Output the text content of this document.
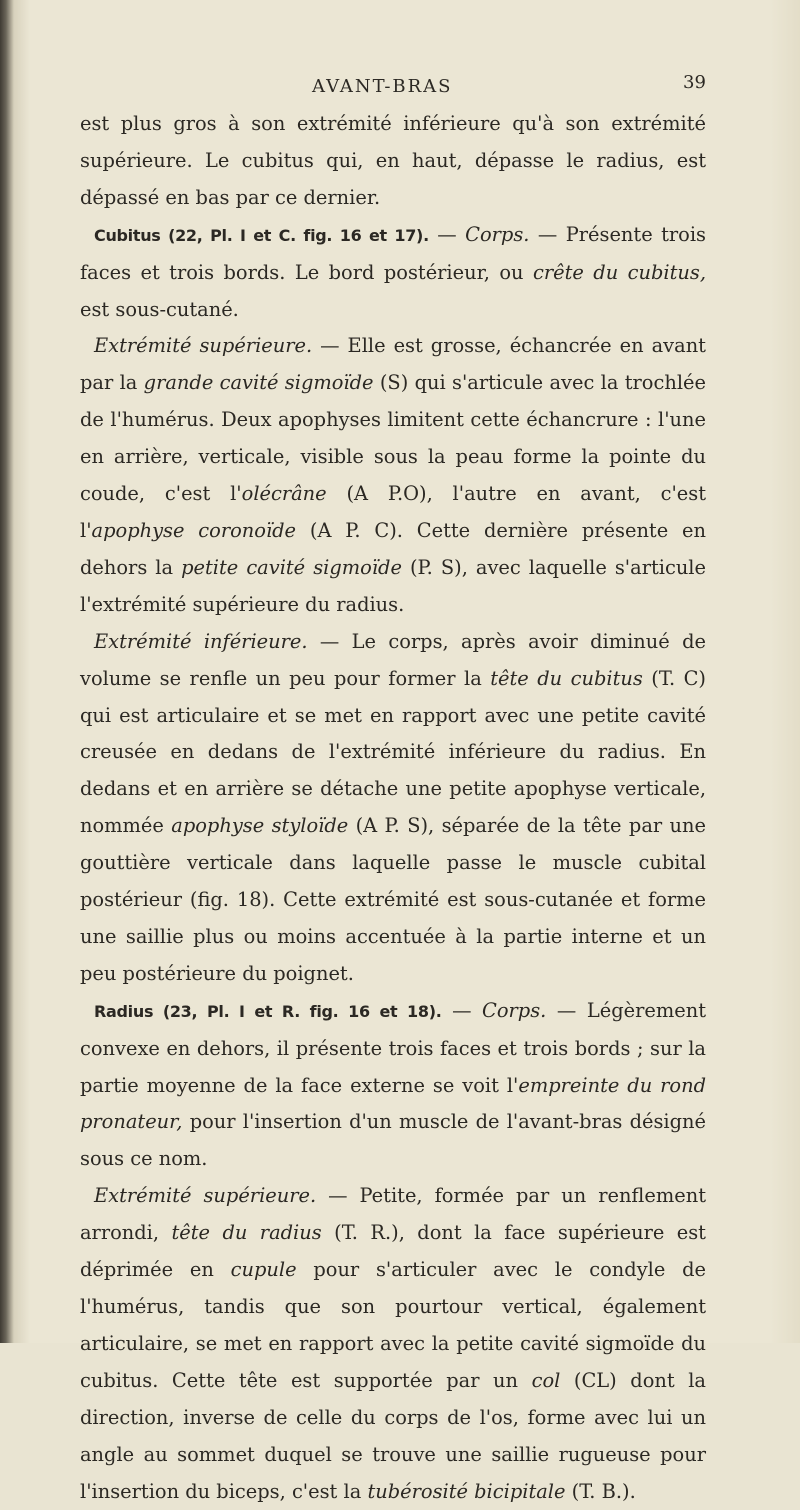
AVANT-BRAS	39

est plus gros à son extrémité inférieure qu'à son extrémité supérieure. Le cubitus qui, en haut, dépasse le radius, est dépassé en bas par ce dernier.

Cubitus (22, Pl. I et C. fig. 16 et 17). — Corps. — Présente trois faces et trois bords. Le bord postérieur, ou crête du cubitus, est sous-cutané.

Extrémité supérieure. — Elle est grosse, échancrée en avant par la grande cavité sigmoïde (S) qui s'articule avec la trochlée de l'humérus. Deux apophyses limitent cette échancrure : l'une en arrière, verticale, visible sous la peau forme la pointe du coude, c'est l'olécrâne (A P.O), l'autre en avant, c'est l'apophyse coronoïde (A P. C). Cette dernière présente en dehors la petite cavité sigmoïde (P. S), avec laquelle s'articule l'extrémité supérieure du radius.

Extrémité inférieure. — Le corps, après avoir diminué de volume se renfle un peu pour former la tête du cubitus (T. C) qui est articulaire et se met en rapport avec une petite cavité creusée en dedans de l'extrémité inférieure du radius. En dedans et en arrière se détache une petite apophyse verticale, nommée apophyse styloïde (A P. S), séparée de la tête par une gouttière verticale dans laquelle passe le muscle cubital postérieur (fig. 18). Cette extrémité est sous-cutanée et forme une saillie plus ou moins accentuée à la partie interne et un peu postérieure du poignet.

Radius (23, Pl. I et R. fig. 16 et 18). — Corps. — Légèrement convexe en dehors, il présente trois faces et trois bords ; sur la partie moyenne de la face externe se voit l'empreinte du rond pronateur, pour l'insertion d'un muscle de l'avant-bras désigné sous ce nom.

Extrémité supérieure. — Petite, formée par un renflement arrondi, tête du radius (T. R.), dont la face supérieure est déprimée en cupule pour s'articuler avec le condyle de l'humérus, tandis que son pourtour vertical, également articulaire, se met en rapport avec la petite cavité sigmoïde du cubitus. Cette tête est supportée par un col (CL) dont la direction, inverse de celle du corps de l'os, forme avec lui un angle au sommet duquel se trouve une saillie rugueuse pour l'insertion du biceps, c'est la tubérosité bicipitale (T. B.).
